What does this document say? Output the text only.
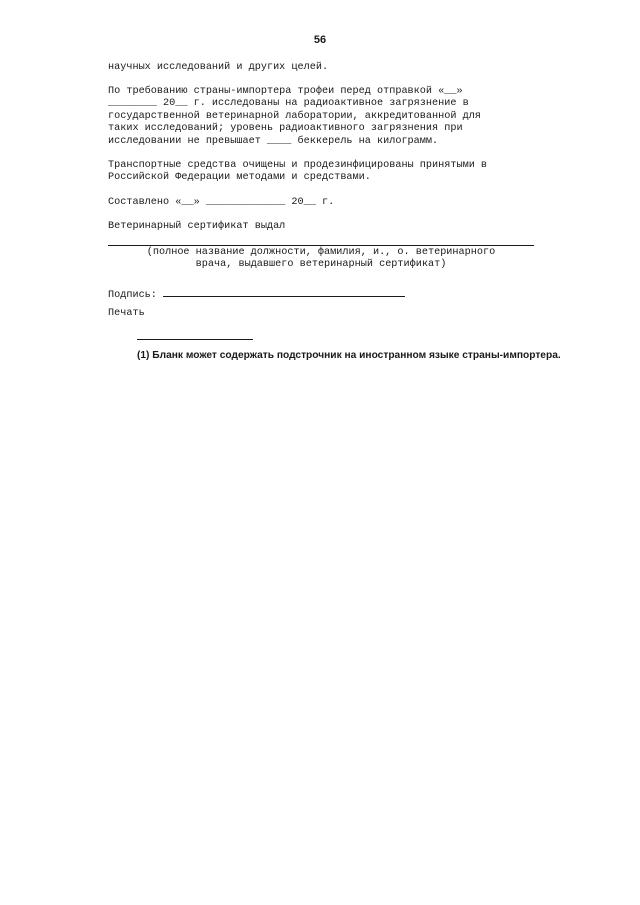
56

научных исследований и других целей.

По требованию страны-импортера трофеи перед отправкой «__»
________ 20__ г. исследованы на радиоактивное загрязнение в
государственной ветеринарной лаборатории, аккредитованной для
таких исследований; уровень радиоактивного загрязнения при
исследовании не превышает ____ беккерель на килограмм.
Транспортные средства очищены и продезинфицированы принятыми в
Российской Федерации методами и средствами.

Составлено «__» _____________ 20__ г.

Ветеринарный сертификат выдал

(полное название должности, фамилия, и., о. ветеринарного
врача, выдавшего ветеринарный сертификат)
Подпись:
Печать
(1) Бланк может содержать подстрочник на иностранном языке страны-импортера.
